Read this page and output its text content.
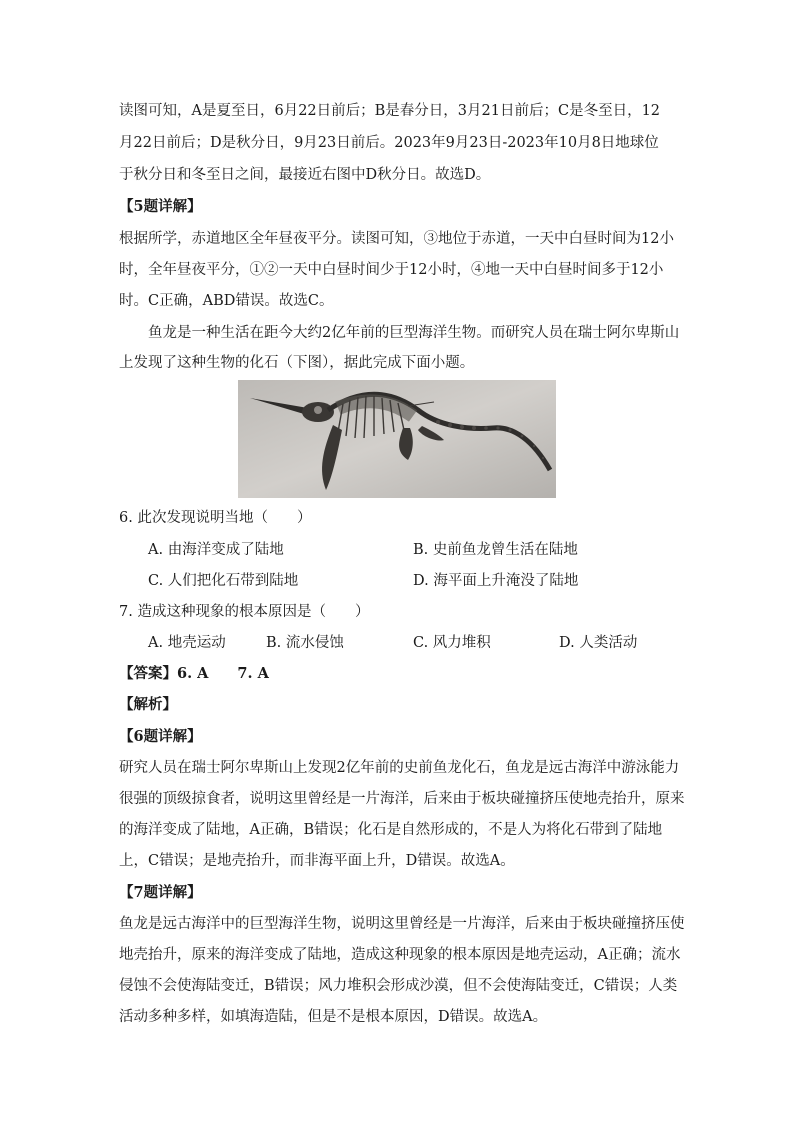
读图可知，A是夏至日，6月22日前后；B是春分日，3月21日前后；C是冬至日，12
月22日前后；D是秋分日，9月23日前后。2023年9月23日-2023年10月8日地球位
于秋分日和冬至日之间，最接近右图中D秋分日。故选D。
【5题详解】
根据所学，赤道地区全年昼夜平分。读图可知，③地位于赤道，一天中白昼时间为12小
时，全年昼夜平分，①②一天中白昼时间少于12小时，④地一天中白昼时间多于12小
时。C正确，ABD错误。故选C。
鱼龙是一种生活在距今大约2亿年前的巨型海洋生物。而研究人员在瑞士阿尔卑斯山
上发现了这种生物的化石（下图），据此完成下面小题。
6. 此次发现说明当地（　　）
A. 由海洋变成了陆地	B. 史前鱼龙曾生活在陆地
C. 人们把化石带到陆地	D. 海平面上升淹没了陆地
7. 造成这种现象的根本原因是（　　）
A. 地壳运动	B. 流水侵蚀	C. 风力堆积	D. 人类活动
【答案】6. A　　7. A
【解析】
【6题详解】
研究人员在瑞士阿尔卑斯山上发现2亿年前的史前鱼龙化石，鱼龙是远古海洋中游泳能力
很强的顶级掠食者，说明这里曾经是一片海洋，后来由于板块碰撞挤压使地壳抬升，原来
的海洋变成了陆地，A正确，B错误；化石是自然形成的，不是人为将化石带到了陆地
上，C错误；是地壳抬升，而非海平面上升，D错误。故选A。
【7题详解】
鱼龙是远古海洋中的巨型海洋生物，说明这里曾经是一片海洋，后来由于板块碰撞挤压使
地壳抬升，原来的海洋变成了陆地，造成这种现象的根本原因是地壳运动，A正确；流水
侵蚀不会使海陆变迁，B错误；风力堆积会形成沙漠，但不会使海陆变迁，C错误；人类
活动多种多样，如填海造陆，但是不是根本原因，D错误。故选A。
